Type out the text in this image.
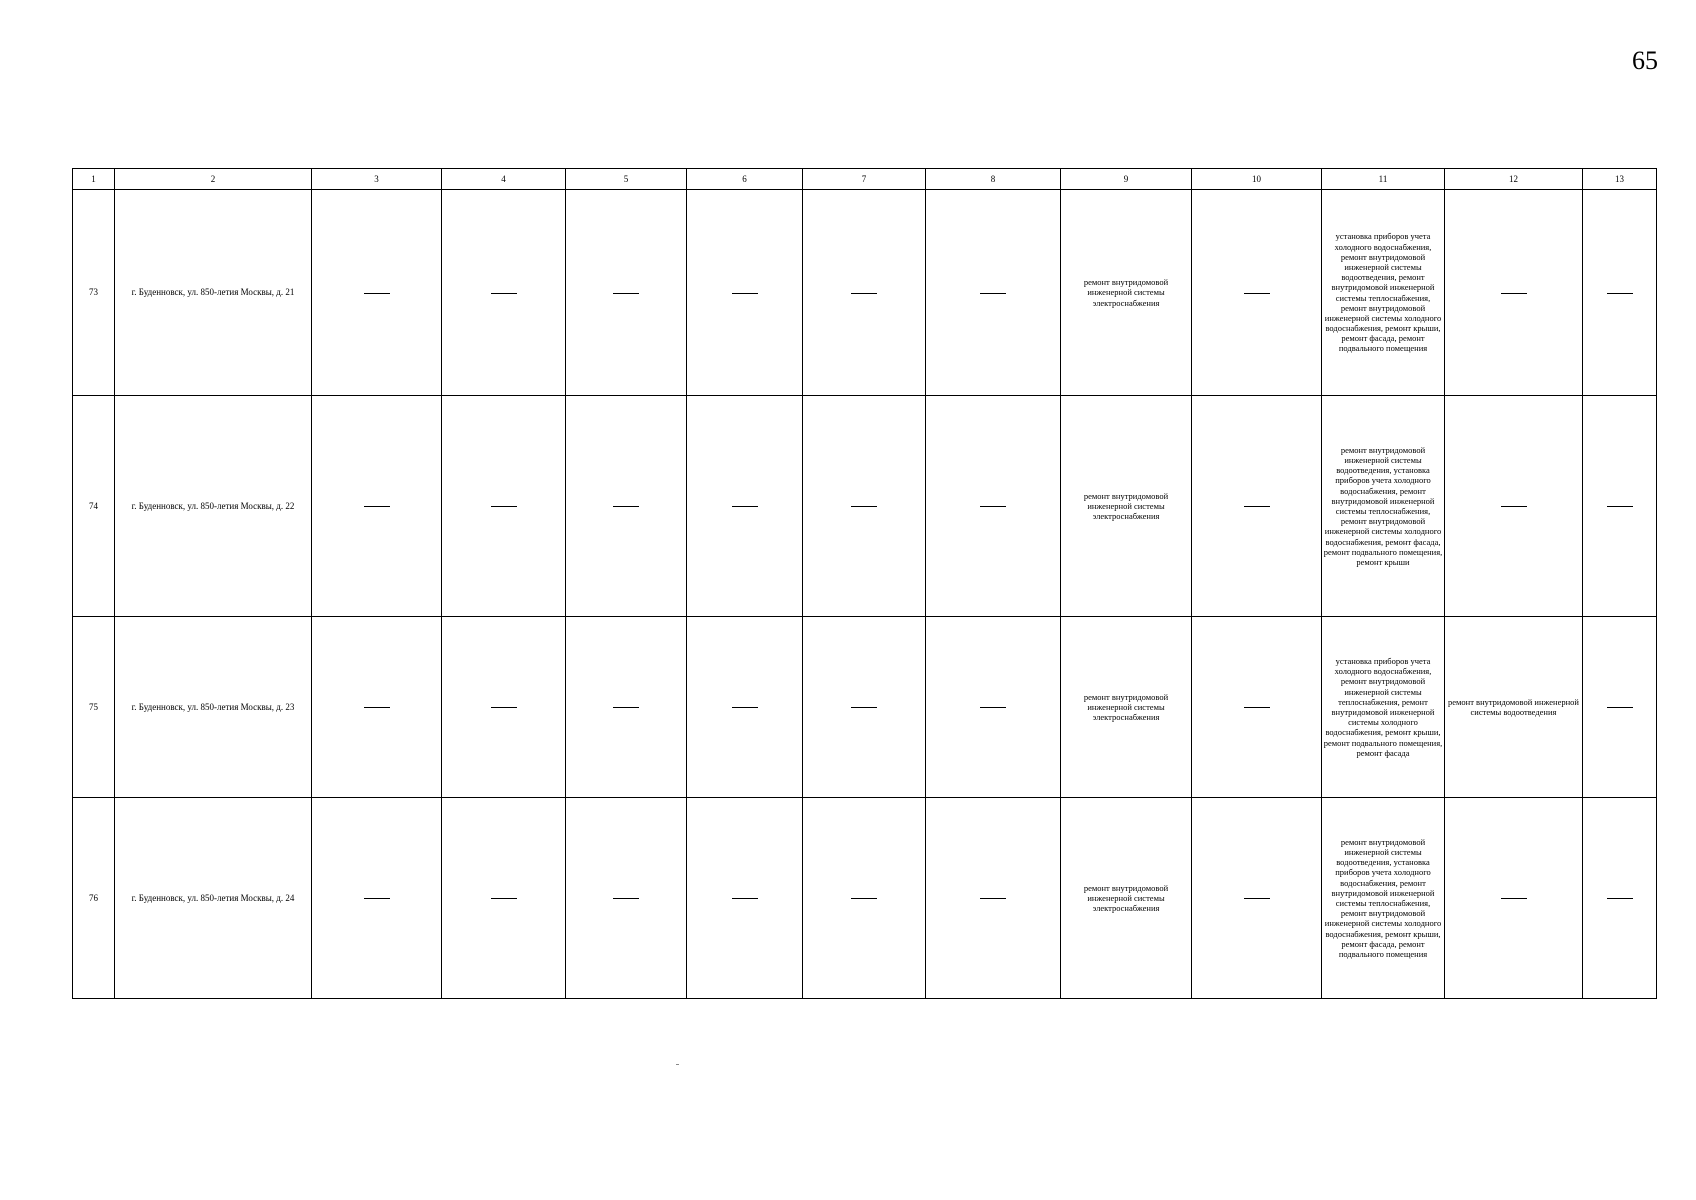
65
1	2	3	4	5	6	7	8	9	10	11	12	13
73	г. Буденновск, ул. 850-летия Москвы, д. 21							ремонт внутридомовой инженерной системы электроснабжения		установка приборов учета холодного водоснабжения, ремонт внутридомовой инженерной системы водоотведения, ремонт внутридомовой инженерной системы теплоснабжения, ремонт внутридомовой инженерной системы холодного водоснабжения, ремонт крыши, ремонт фасада, ремонт подвального помещения		
74	г. Буденновск, ул. 850-летия Москвы, д. 22							ремонт внутридомовой инженерной системы электроснабжения		ремонт внутридомовой инженерной системы водоотведения, установка приборов учета холодного водоснабжения, ремонт внутридомовой инженерной системы теплоснабжения, ремонт внутридомовой инженерной системы холодного водоснабжения, ремонт фасада, ремонт подвального помещения, ремонт крыши		
75	г. Буденновск, ул. 850-летия Москвы, д. 23							ремонт внутридомовой инженерной системы электроснабжения		установка приборов учета холодного водоснабжения, ремонт внутридомовой инженерной системы теплоснабжения, ремонт внутридомовой инженерной системы холодного водоснабжения, ремонт крыши, ремонт подвального помещения, ремонт фасада	ремонт внутридомовой инженерной системы водоотведения	
76	г. Буденновск, ул. 850-летия Москвы, д. 24							ремонт внутридомовой инженерной системы электроснабжения		ремонт внутридомовой инженерной системы водоотведения, установка приборов учета холодного водоснабжения, ремонт внутридомовой инженерной системы теплоснабжения, ремонт внутридомовой инженерной системы холодного водоснабжения, ремонт крыши, ремонт фасада, ремонт подвального помещения		
